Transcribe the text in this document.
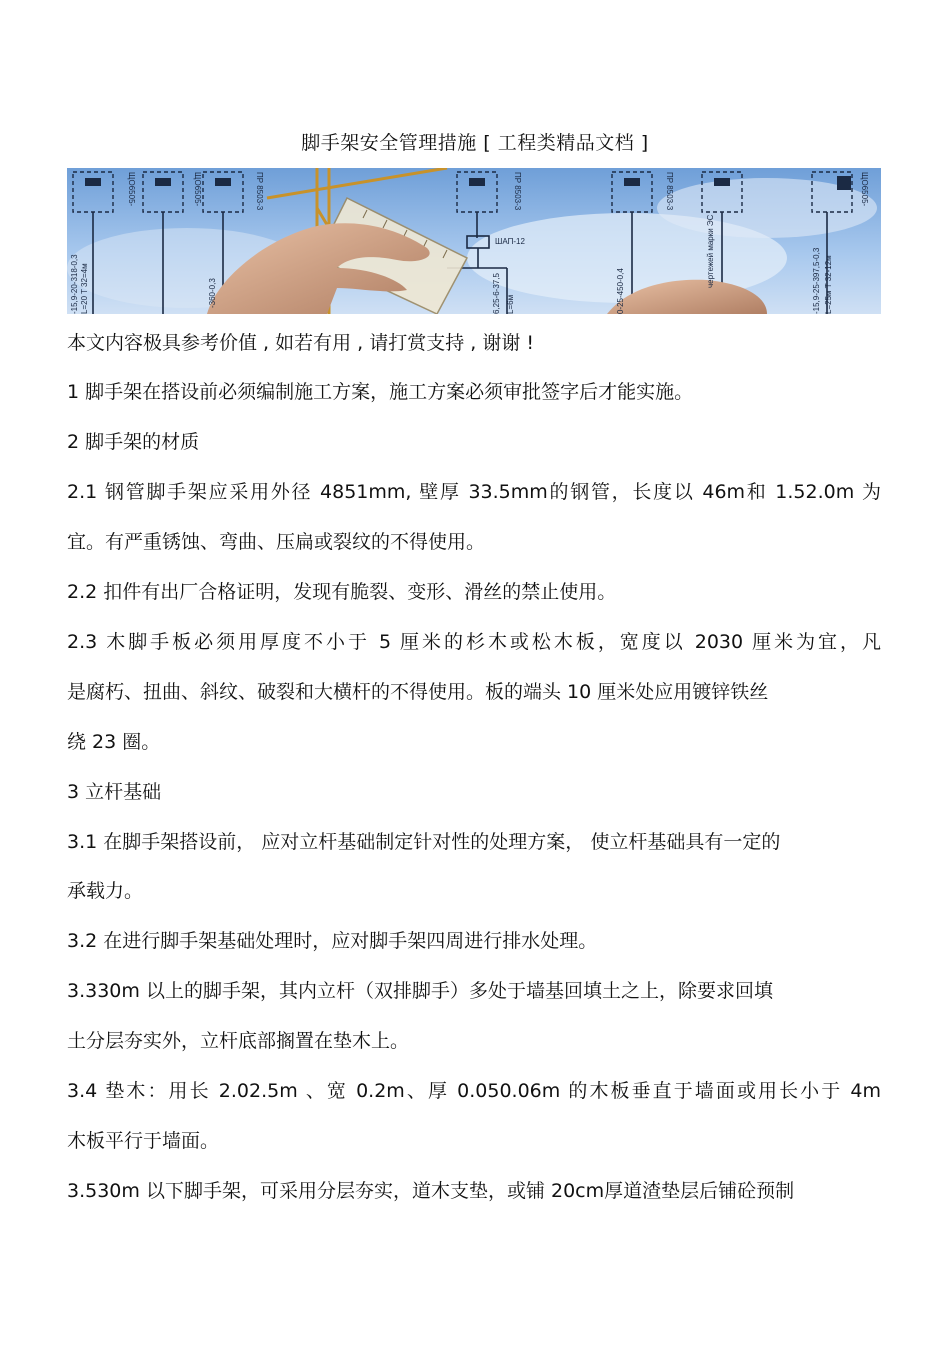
脚手架安全管理措施 [ 工程类精品文档 ]
ЩО6505-	ЩО6505-	ПР 8503-3	ПР 8503-3	ПР 8503-3
ШАП-12
ЩО6505-
-15,9-20-318-0,3 L=20 T 32=4м	-360-0,3	0-25-450-0,4
6,25-6-37,5 L=6м
чертежей марки ЭС	-15,9-25-397,5-0,3 L=25м T 32-12м
本文内容极具参考价值 , 如若有用 , 请打赏支持 , 谢谢 !
1 脚手架在搭设前必须编制施工方案，施工方案必须审批签字后才能实施。
2 脚手架的材质
2.1 钢管脚手架应采用外径 4851mm, 壁厚 33.5mm的钢管，长度以 46m和 1.52.0m 为
宜。有严重锈蚀、弯曲、压扁或裂纹的不得使用。
2.2 扣件有出厂合格证明，发现有脆裂、变形、滑丝的禁止使用。
2.3 木脚手板必须用厚度不小于 5 厘米的杉木或松木板，宽度以 2030 厘米为宜，凡
是腐朽、扭曲、斜纹、破裂和大横杆的不得使用。板的端头 10 厘米处应用镀锌铁丝
绕 23 圈。
3 立杆基础
3.1 在脚手架搭设前， 应对立杆基础制定针对性的处理方案， 使立杆基础具有一定的
承载力。
3.2 在进行脚手架基础处理时，应对脚手架四周进行排水处理。
3.330m 以上的脚手架，其内立杆（双排脚手）多处于墙基回填土之上，除要求回填
土分层夯实外，立杆底部搁置在垫木上。
3.4 垫木：用长 2.02.5m 、宽 0.2m、厚 0.050.06m 的木板垂直于墙面或用长小于 4m
木板平行于墙面。
3.530m 以下脚手架，可采用分层夯实，道木支垫，或铺 20cm厚道渣垫层后铺砼预制
